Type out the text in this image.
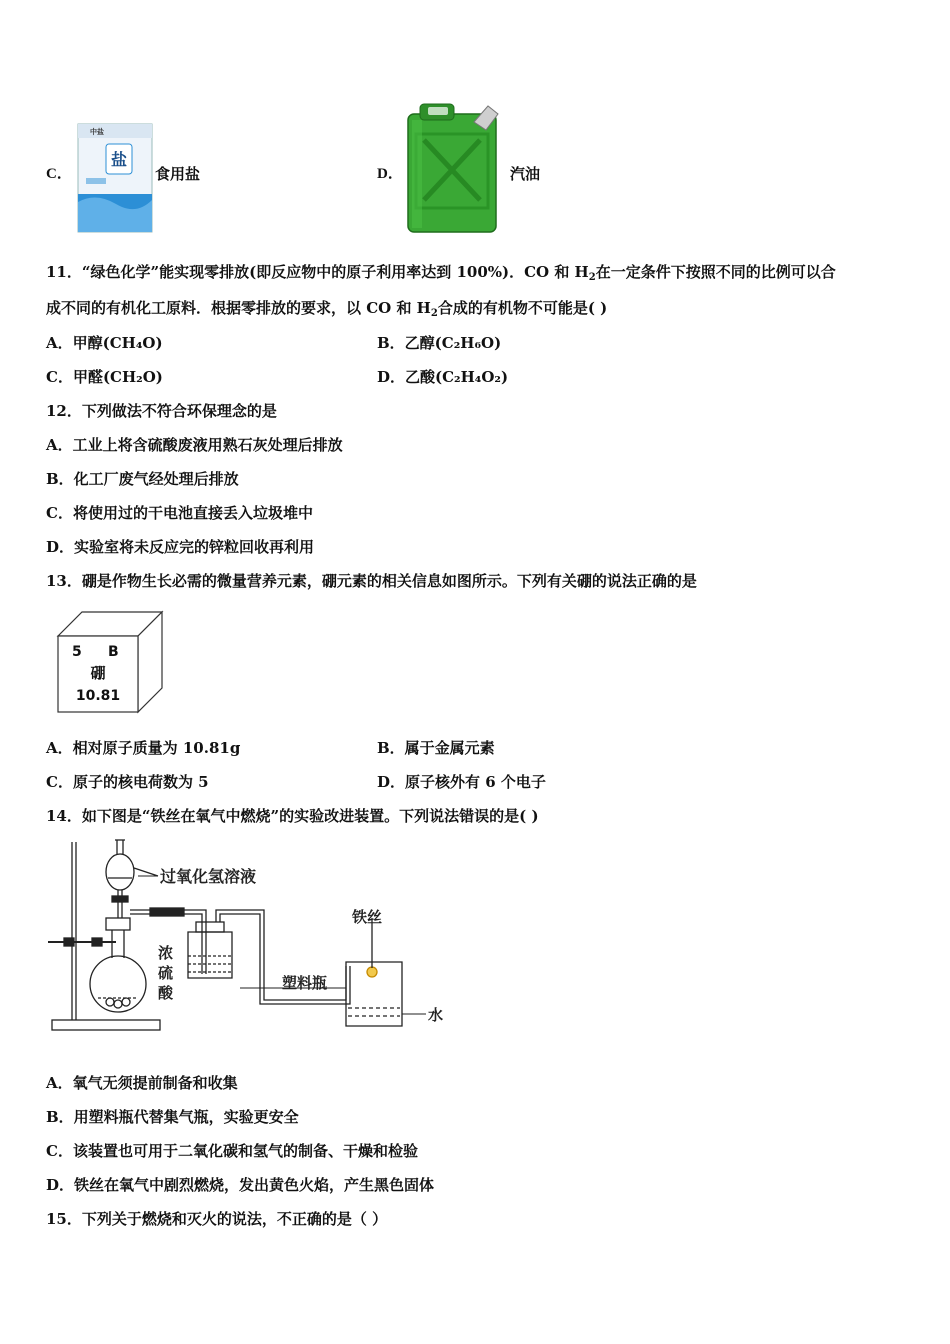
C．
盐
中盐
食用盐	D．	汽油
11．“绿色化学”能实现零排放(即反应物中的原子利用率达到 100%)．CO 和 $H_2$在一定条件下按照不同的比例可以合
成不同的有机化工原料．根据零排放的要求，以 CO 和 $H_2$合成的有机物不可能是( )
A．甲醇(CH₄O)	B．乙醇(C₂H₆O)
C．甲醛(CH₂O)	D．乙酸(C₂H₄O₂)
12．下列做法不符合环保理念的是
A．工业上将含硫酸废液用熟石灰处理后排放
B．化工厂废气经处理后排放
C．将使用过的干电池直接丢入垃圾堆中
D．实验室将未反应完的锌粒回收再利用
13．硼是作物生长必需的微量营养元素，硼元素的相关信息如图所示。下列有关硼的说法正确的是
5 B
硼
10.81
A．相对原子质量为 10.81g	B．属于金属元素
C．原子的核电荷数为 5	D．原子核外有 6 个电子
14．如下图是“铁丝在氧气中燃烧”的实验改进装置。下列说法错误的是( )
过氧化氢溶液
铁丝
浓
硫
酸
塑料瓶
水
A．氧气无须提前制备和收集
B．用塑料瓶代替集气瓶，实验更安全
C．该装置也可用于二氧化碳和氢气的制备、干燥和检验
D．铁丝在氧气中剧烈燃烧，发出黄色火焰，产生黑色固体
15．下列关于燃烧和灭火的说法，不正确的是（ ）
